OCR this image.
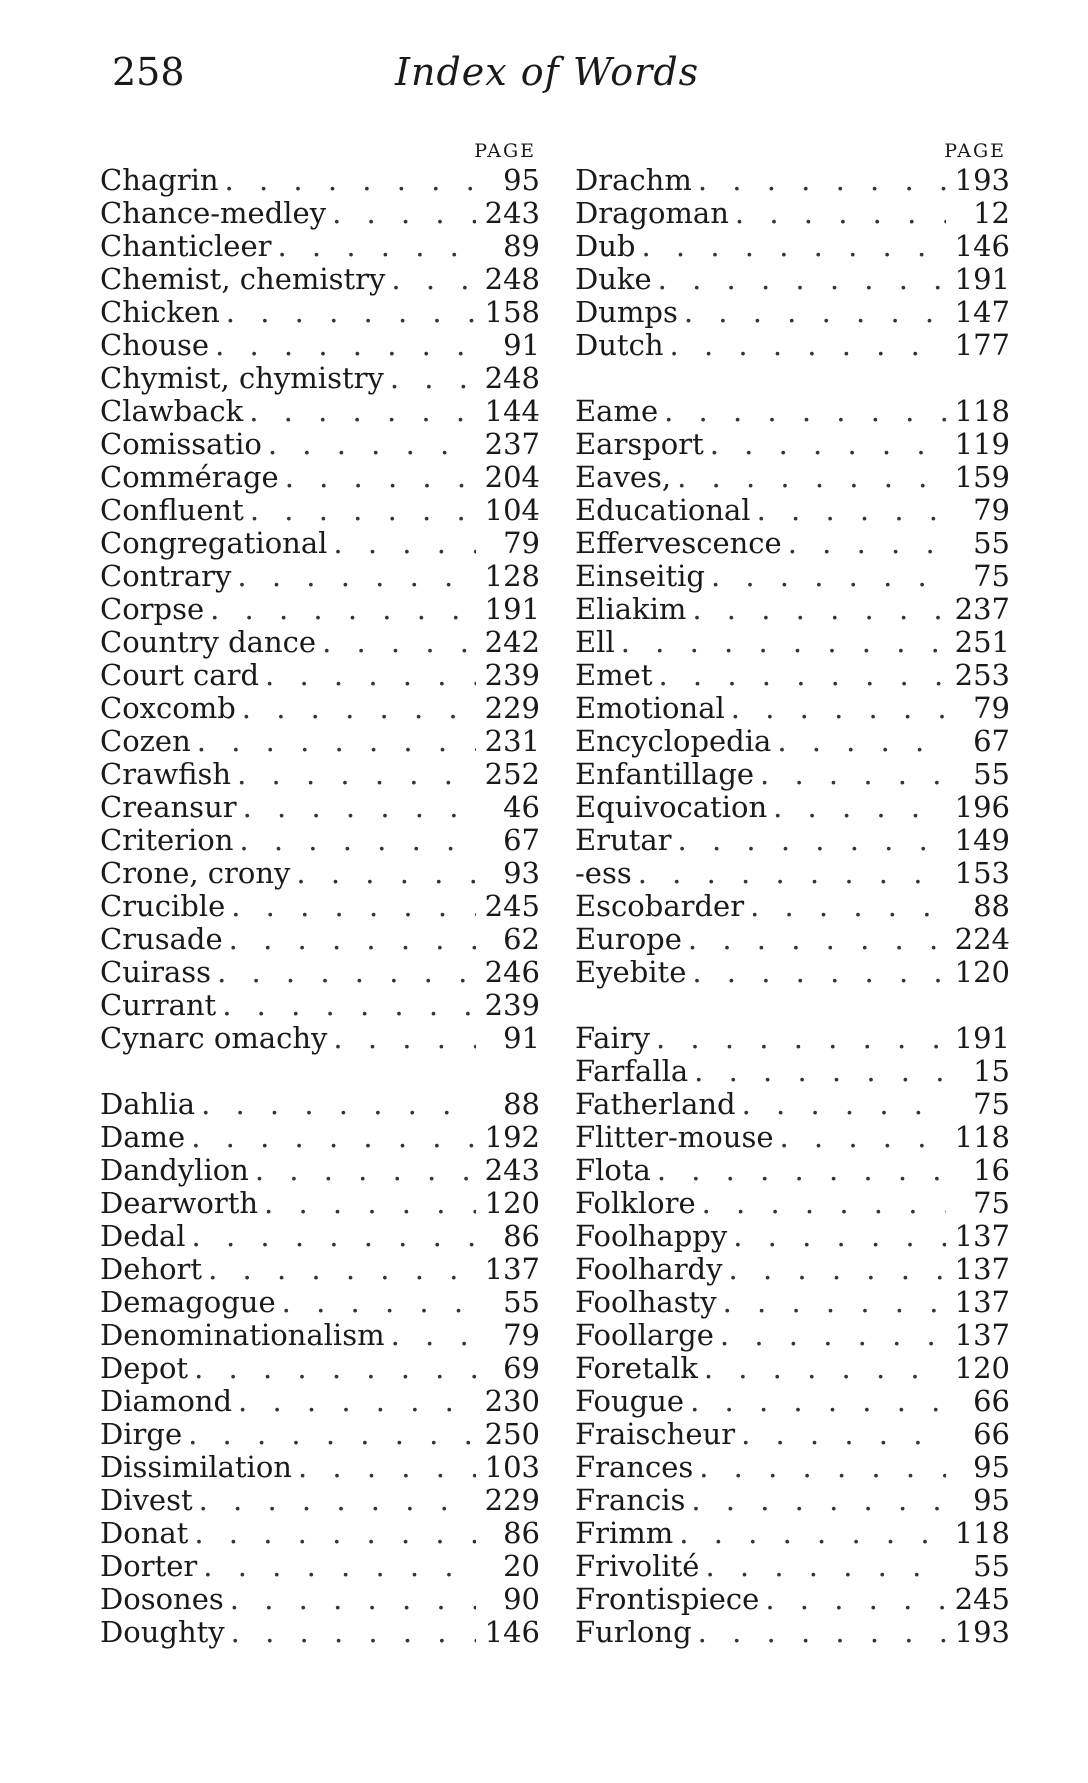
258	Index of Words
PAGE
Chagrin . . .	95
Chance-medley . . .	243
Chanticleer . . .	89
Chemist, chemistry . . .	248
Chicken . . .	158
Chouse . . .	91
Chymist, chymistry . . .	248
Clawback . . .	144
Comissatio . . .	237
Commérage . . .	204
Confluent . . .	104
Congregational . . .	79
Contrary . . .	128
Corpse . . .	191
Country dance . . .	242
Court card . . .	239
Coxcomb . . .	229
Cozen . . .	231
Crawfish . . .	252
Creansur . . .	46
Criterion . . .	67
Crone, crony . . .	93
Crucible . . .	245
Crusade . . .	62
Cuirass . . .	246
Currant . . .	239
Cynarc omachy . . .	91
Dahlia . . .	88
Dame . . .	192
Dandylion . . .	243
Dearworth . . .	120
Dedal . . .	86
Dehort . . .	137
Demagogue . . .	55
Denominationalism . . .	79
Depot . . .	69
Diamond . . .	230
Dirge . . .	250
Dissimilation . . .	103
Divest . . .	229
Donat . . .	86
Dorter . . .	20
Dosones . . .	90
Doughty . . .	146
PAGE
Drachm . . .	193
Dragoman . . .	12
Dub . . .	146
Duke . . .	191
Dumps . . .	147
Dutch . . .	177
Eame . . .	118
Earsport . . .	119
Eaves, . . .	159
Educational . . .	79
Effervescence . . .	55
Einseitig . . .	75
Eliakim . . .	237
Ell . . .	251
Emet . . .	253
Emotional . . .	79
Encyclopedia . . .	67
Enfantillage . . .	55
Equivocation . . .	196
Erutar . . .	149
-ess . . .	153
Escobarder . . .	88
Europe . . .	224
Eyebite . . .	120
Fairy . . .	191
Farfalla . . .	15
Fatherland . . .	75
Flitter-mouse . . .	118
Flota . . .	16
Folklore . . .	75
Foolhappy . . .	137
Foolhardy . . .	137
Foolhasty . . .	137
Foollarge . . .	137
Foretalk . . .	120
Fougue . . .	66
Fraischeur . . .	66
Frances . . .	95
Francis . . .	95
Frimm . . .	118
Frivolité . . .	55
Frontispiece . . .	245
Furlong . . .	193
